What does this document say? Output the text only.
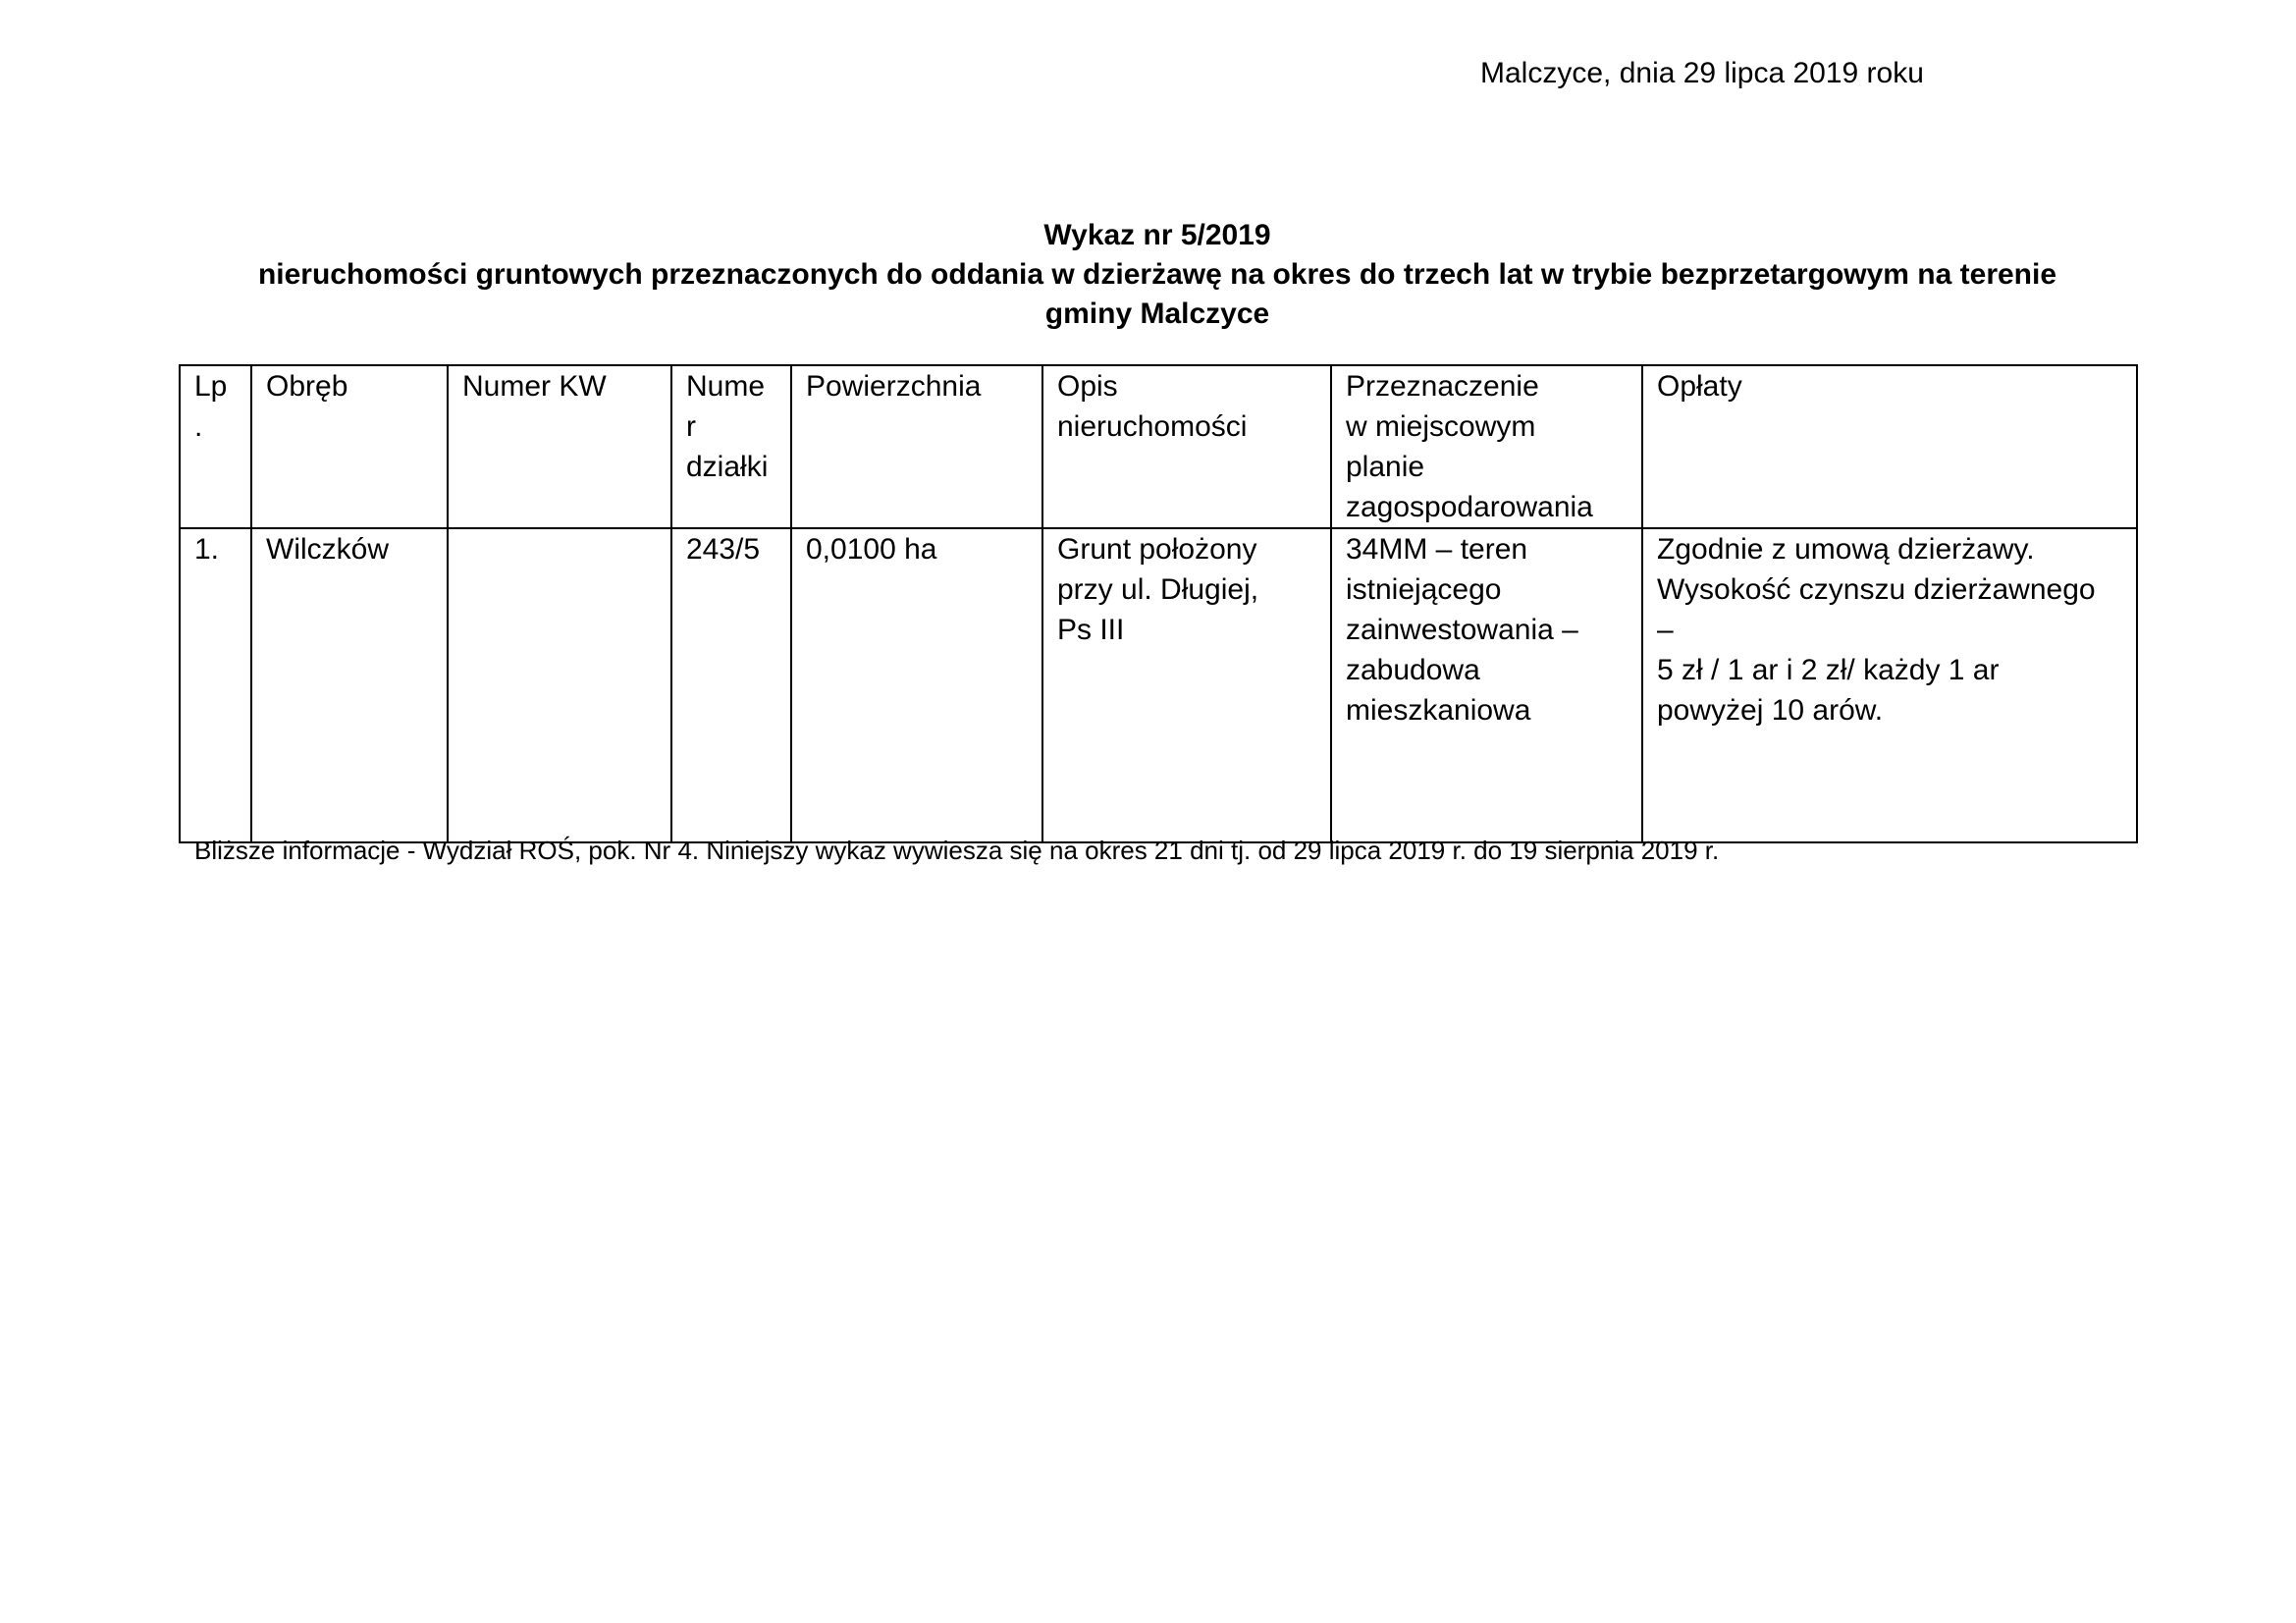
Malczyce, dnia 29 lipca 2019 roku
Wykaz nr 5/2019
nieruchomości gruntowych przeznaczonych do oddania w dzierżawę na okres do trzech lat w trybie bezprzetargowym na terenie
gminy Malczyce
Lp
.	Obręb	Numer KW	Nume
r
działki	Powierzchnia	Opis
nieruchomości	Przeznaczenie
w miejscowym
planie
zagospodarowania	Opłaty

1.	Wilczków		243/5	0,0100 ha	Grunt położony
przy ul. Długiej,
Ps III	34MM – teren
istniejącego
zainwestowania –
zabudowa
mieszkaniowa	Zgodnie z umową dzierżawy.
Wysokość czynszu dzierżawnego
–
5 zł / 1 ar i 2 zł/ każdy 1 ar
powyżej 10 arów.
Bliższe informacje - Wydział ROŚ, pok. Nr 4. Niniejszy wykaz wywiesza się na okres 21 dni tj. od 29 lipca 2019 r. do 19 sierpnia 2019 r.
